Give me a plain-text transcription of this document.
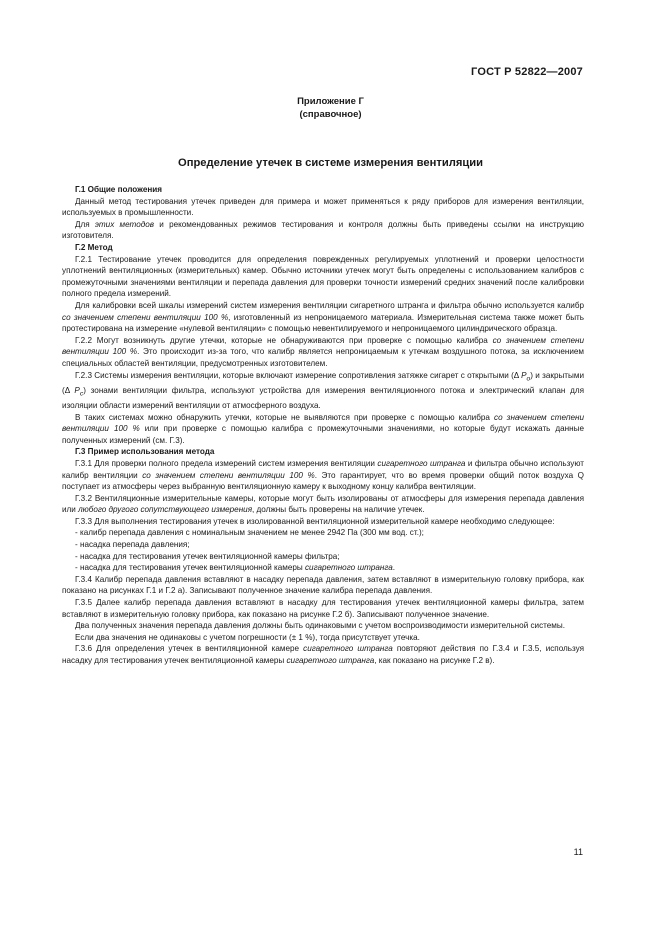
ГОСТ Р 52822—2007
Приложение Г
(справочное)
Определение утечек в системе измерения вентиляции

Г.1 Общие положения

Данный метод тестирования утечек приведен для примера и может применяться к ряду приборов для измерения вентиляции, используемых в промышленности.

Для этих методов и рекомендованных режимов тестирования и контроля должны быть приведены ссылки на инструкцию изготовителя.

Г.2 Метод

Г.2.1 Тестирование утечек проводится для определения поврежденных регулируемых уплотнений и проверки целостности уплотнений вентиляционных (измерительных) камер. Обычно источники утечек могут быть определены с использованием калибров с промежуточными значениями вентиляции и перепада давления для проверки точности измерений средних значений после калибровки полного предела измерений.

Для калибровки всей шкалы измерений систем измерения вентиляции сигаретного штранга и фильтра обычно используется калибр со значением степени вентиляции 100 %, изготовленный из непроницаемого материала. Измерительная система также может быть протестирована на измерение «нулевой вентиляции» с помощью невентилируемого и непроницаемого цилиндрического образца.

Г.2.2 Могут возникнуть другие утечки, которые не обнаруживаются при проверке с помощью калибра со значением степени вентиляции 100 %. Это происходит из-за того, что калибр является непроницаемым к утечкам воздушного потока, за исключением специальных областей вентиляции, предусмотренных изготовителем.

Г.2.3 Системы измерения вентиляции, которые включают измерение сопротивления затяжке сигарет с открытыми (Δ $P_o$) и закрытыми (Δ $P_c$) зонами вентиляции фильтра, используют устройства для измерения вентиляционного потока и электрический клапан для изоляции области измерений вентиляции от атмосферного воздуха.

В таких системах можно обнаружить утечки, которые не выявляются при проверке с помощью калибра со значением степени вентиляции 100 % или при проверке с помощью калибра с промежуточными значениями, но которые будут искажать данные полученных измерений (см. Г.3).

Г.3 Пример использования метода

Г.3.1 Для проверки полного предела измерений систем измерения вентиляции сигаретного штранга и фильтра обычно используют калибр вентиляции со значением степени вентиляции 100 %. Это гарантирует, что во время проверки общий поток воздуха Q поступает из атмосферы через выбранную вентиляционную камеру к выходному концу калибра вентиляции.

Г.3.2 Вентиляционные измерительные камеры, которые могут быть изолированы от атмосферы для измерения перепада давления или любого другого сопутствующего измерения, должны быть проверены на наличие утечек.

Г.3.3 Для выполнения тестирования утечек в изолированной вентиляционной измерительной камере необходимо следующее:

- калибр перепада давления с номинальным значением не менее 2942 Па (300 мм вод. ст.);

- насадка перепада давления;

- насадка для тестирования утечек вентиляционной камеры фильтра;

- насадка для тестирования утечек вентиляционной камеры сигаретного штранга.

Г.3.4 Калибр перепада давления вставляют в насадку перепада давления, затем вставляют в измерительную головку прибора, как показано на рисунках Г.1 и Г.2 а). Записывают полученное значение калибра перепада давления.

Г.3.5 Далее калибр перепада давления вставляют в насадку для тестирования утечек вентиляционной камеры фильтра, затем вставляют в измерительную головку прибора, как показано на рисунке Г.2 б). Записывают полученное значение.

Два полученных значения перепада давления должны быть одинаковыми с учетом воспроизводимости измерительной системы.

Если два значения не одинаковы с учетом погрешности (± 1 %), тогда присутствует утечка.

Г.3.6 Для определения утечек в вентиляционной камере сигаретного штранга повторяют действия по Г.3.4 и Г.3.5, используя насадку для тестирования утечек вентиляционной камеры сигаретного штранга, как показано на рисунке Г.2 в).

11
